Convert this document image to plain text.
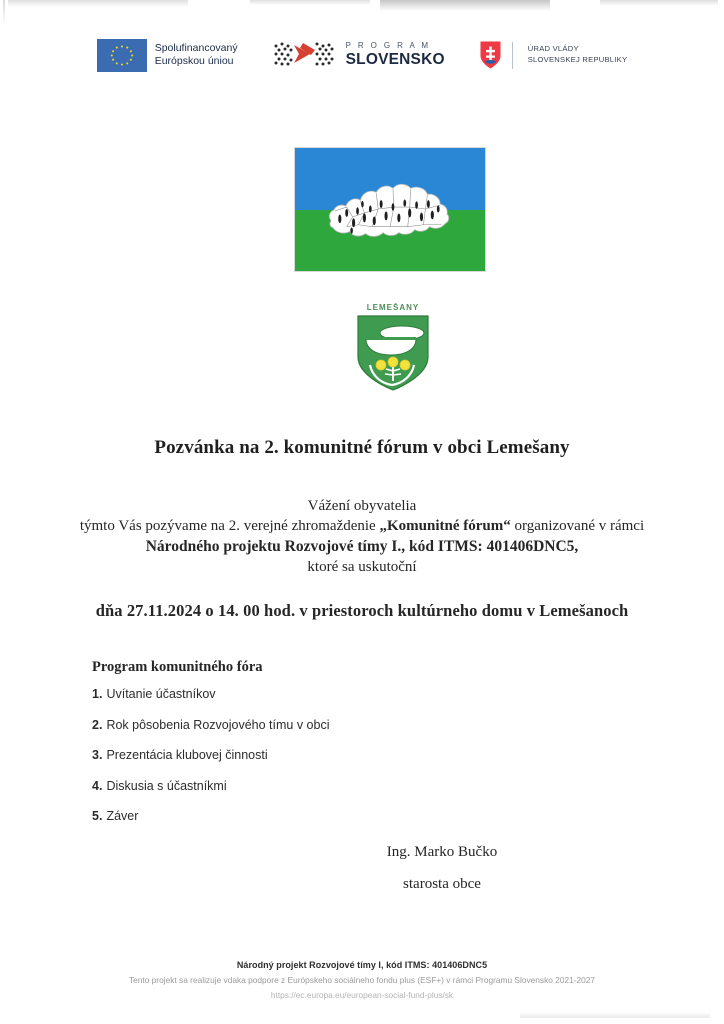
Spolufinancovaný
Európskou úniou
P R O G R A M
SLOVENSKO
ÚRAD VLÁDY
SLOVENSKEJ REPUBLIKY
LEMEŠANY
Pozvánka na 2. komunitné fórum v obci Lemešany
Vážení obyvatelia
týmto Vás pozývame na 2. verejné zhromaždenie „Komunitné fórum“ organizované v rámci
Národného projektu Rozvojové tímy I., kód ITMS: 401406DNC5,
ktoré sa uskutoční
dňa 27.11.2024 o 14. 00 hod. v priestoroch kultúrneho domu v Lemešanoch
Program komunitného fóra
1. Uvítanie účastníkov
2. Rok pôsobenia Rozvojového tímu v obci
3. Prezentácia klubovej činnosti
4. Diskusia s účastníkmi
5. Záver
Ing. Marko Bučko
starosta obce
Národný projekt Rozvojové tímy I, kód ITMS: 401406DNC5
Tento projekt sa realizuje vdaka podpore z Európskeho sociálneho fondu plus (ESF+) v rámci Programu Slovensko 2021-2027
https://ec.europa.eu/european-social-fund-plus/sk
